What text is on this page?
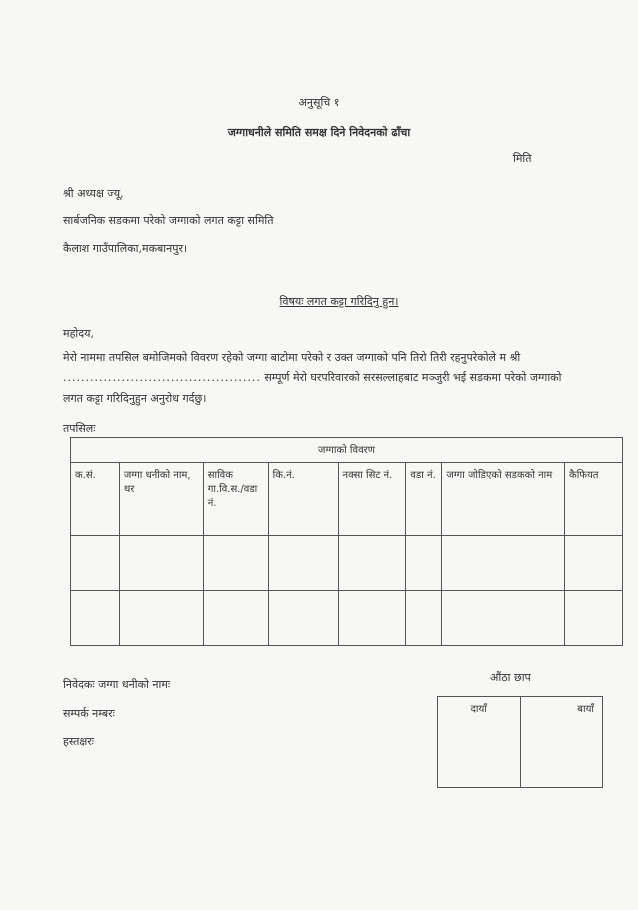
अनुसूचि १
जग्गाधनीले समिति समक्ष दिने निवेदनको ढाँचा
मिति
श्री अध्यक्ष ज्यू,
सार्बजनिक सडकमा परेको जग्गाको लगत कट्टा समिति
कैलाश गाउँपालिका,मकबानपुर।
विषयः लगत कट्टा गरिदिनु हुन।
महोदय,
मेरो नाममा तपसिल बमोजिमको विवरण रहेको जग्गा बाटोमा परेको र उक्त जग्गाको पनि तिरो तिरी रहनुपरेकोले म श्री
............................................ सम्पूर्ण मेरो घरपरिवारको सरसल्लाहबाट मञ्जुरी भई सडकमा परेको जग्गाको
लगत कट्टा गरिदिनुहुन अनुरोध गर्दछु।
तपसिलः
जग्गाको विवरण							
क.सं.	जग्गा धनीको नाम, थर	साविक गा.वि.स./वडा नं.	कि.नं.	नक्सा सिट नं.	वडा नं.	जग्गा जोडिएको सडकको नाम	कैफियत

निवेदकः जग्गा धनीको नामः
सम्पर्क नम्बरः
हस्तक्षरः
औंठा छाप
दायाँ	बायाँ
